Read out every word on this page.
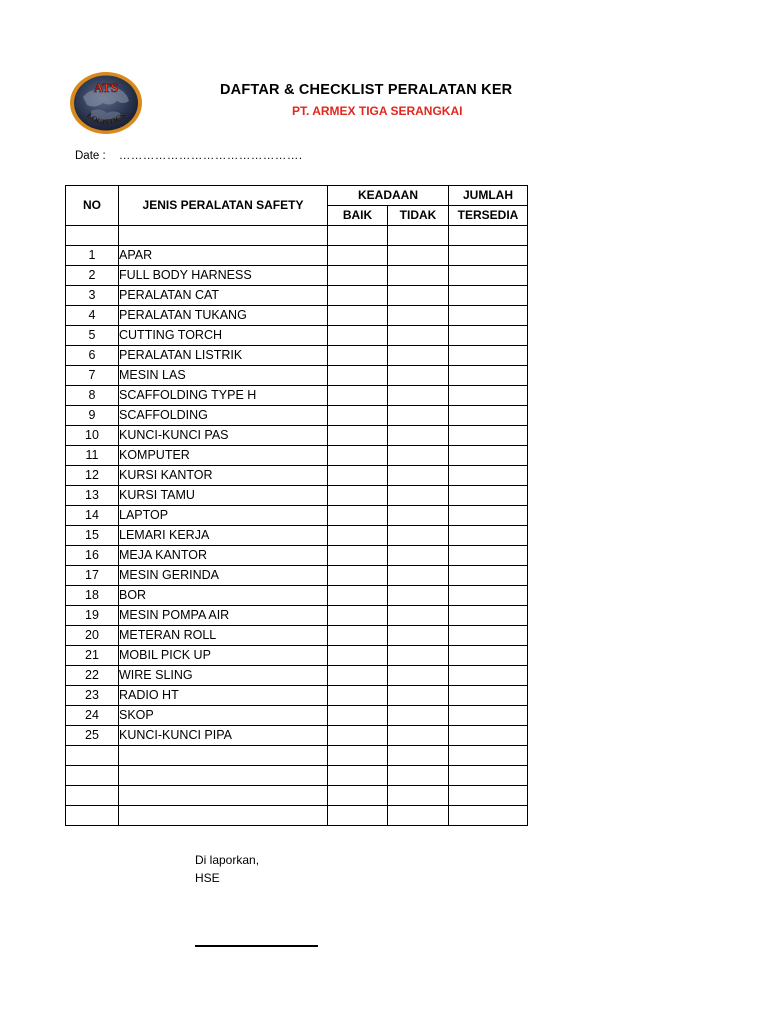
ATS
LOGISTICS
DAFTAR & CHECKLIST PERALATAN KER
PT. ARMEX TIGA SERANGKAI
Date : ……………………………………….
NO	JENIS PERALATAN SAFETY	KEADAAN		JUMLAH
		BAIK	TIDAK	TERSEDIA

1	APAR			
2	FULL BODY HARNESS			
3	PERALATAN CAT			
4	PERALATAN TUKANG			
5	CUTTING TORCH			
6	PERALATAN LISTRIK			
7	MESIN LAS			
8	SCAFFOLDING TYPE H			
9	SCAFFOLDING			
10	KUNCI-KUNCI PAS			
11	KOMPUTER			
12	KURSI KANTOR			
13	KURSI TAMU			
14	LAPTOP			
15	LEMARI KERJA			
16	MEJA KANTOR			
17	MESIN GERINDA			
18	BOR			
19	MESIN POMPA AIR			
20	METERAN ROLL			
21	MOBIL PICK UP			
22	WIRE SLING			
23	RADIO HT			
24	SKOP			
25	KUNCI-KUNCI PIPA			

Di laporkan,
HSE
